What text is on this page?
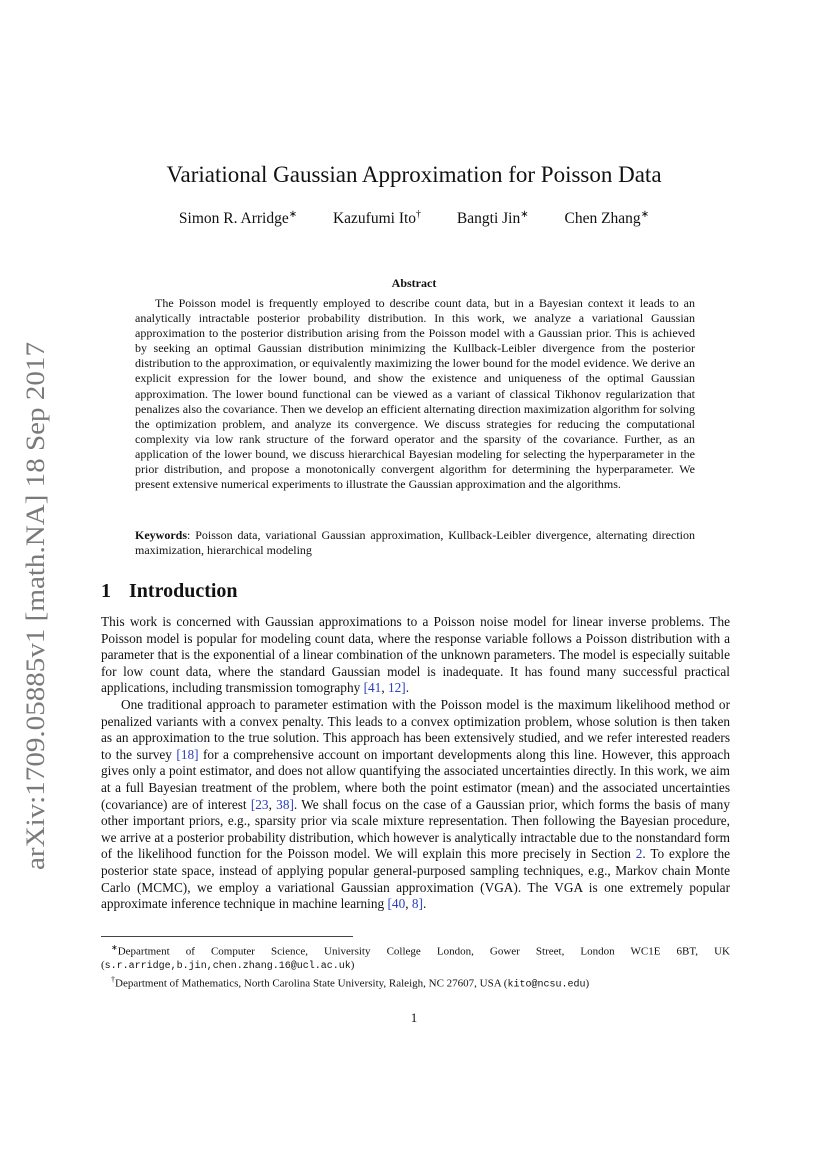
arXiv:1709.05885v1 [math.NA] 18 Sep 2017
Variational Gaussian Approximation for Poisson Data
Simon R. Arridge∗ Kazufumi Ito† Bangti Jin∗ Chen Zhang∗
Abstract
The Poisson model is frequently employed to describe count data, but in a Bayesian context it leads to an analytically intractable posterior probability distribution. In this work, we analyze a variational Gaussian approximation to the posterior distribution arising from the Poisson model with a Gaussian prior. This is achieved by seeking an optimal Gaussian distribution minimizing the Kullback-Leibler divergence from the posterior distribution to the approximation, or equivalently maximizing the lower bound for the model evidence. We derive an explicit expression for the lower bound, and show the existence and uniqueness of the optimal Gaussian approximation. The lower bound functional can be viewed as a variant of classical Tikhonov regularization that penalizes also the covariance. Then we develop an efficient alternating direction maximization algorithm for solving the optimization problem, and analyze its convergence. We discuss strategies for reducing the computational complexity via low rank structure of the forward operator and the sparsity of the covariance. Further, as an application of the lower bound, we discuss hierarchical Bayesian modeling for selecting the hyperparameter in the prior distribution, and propose a monotonically convergent algorithm for determining the hyperparameter. We present extensive numerical experiments to illustrate the Gaussian approximation and the algorithms.
Keywords: Poisson data, variational Gaussian approximation, Kullback-Leibler divergence, alternating direction maximization, hierarchical modeling
1 Introduction

This work is concerned with Gaussian approximations to a Poisson noise model for linear inverse problems. The Poisson model is popular for modeling count data, where the response variable follows a Poisson distribution with a parameter that is the exponential of a linear combination of the unknown parameters. The model is especially suitable for low count data, where the standard Gaussian model is inadequate. It has found many successful practical applications, including transmission tomography [41, 12].

One traditional approach to parameter estimation with the Poisson model is the maximum likelihood method or penalized variants with a convex penalty. This leads to a convex optimization problem, whose solution is then taken as an approximation to the true solution. This approach has been extensively studied, and we refer interested readers to the survey [18] for a comprehensive account on important developments along this line. However, this approach gives only a point estimator, and does not allow quantifying the associated uncertainties directly. In this work, we aim at a full Bayesian treatment of the problem, where both the point estimator (mean) and the associated uncertainties (covariance) are of interest [23, 38]. We shall focus on the case of a Gaussian prior, which forms the basis of many other important priors, e.g., sparsity prior via scale mixture representation. Then following the Bayesian procedure, we arrive at a posterior probability distribution, which however is analytically intractable due to the nonstandard form of the likelihood function for the Poisson model. We will explain this more precisely in Section 2. To explore the posterior state space, instead of applying popular general-purposed sampling techniques, e.g., Markov chain Monte Carlo (MCMC), we employ a variational Gaussian approximation (VGA). The VGA is one extremely popular approximate inference technique in machine learning [40, 8].

∗Department of Computer Science, University College London, Gower Street, London WC1E 6BT, UK (s.r.arridge,b.jin,chen.zhang.16@ucl.ac.uk)

†Department of Mathematics, North Carolina State University, Raleigh, NC 27607, USA (kito@ncsu.edu)

1
